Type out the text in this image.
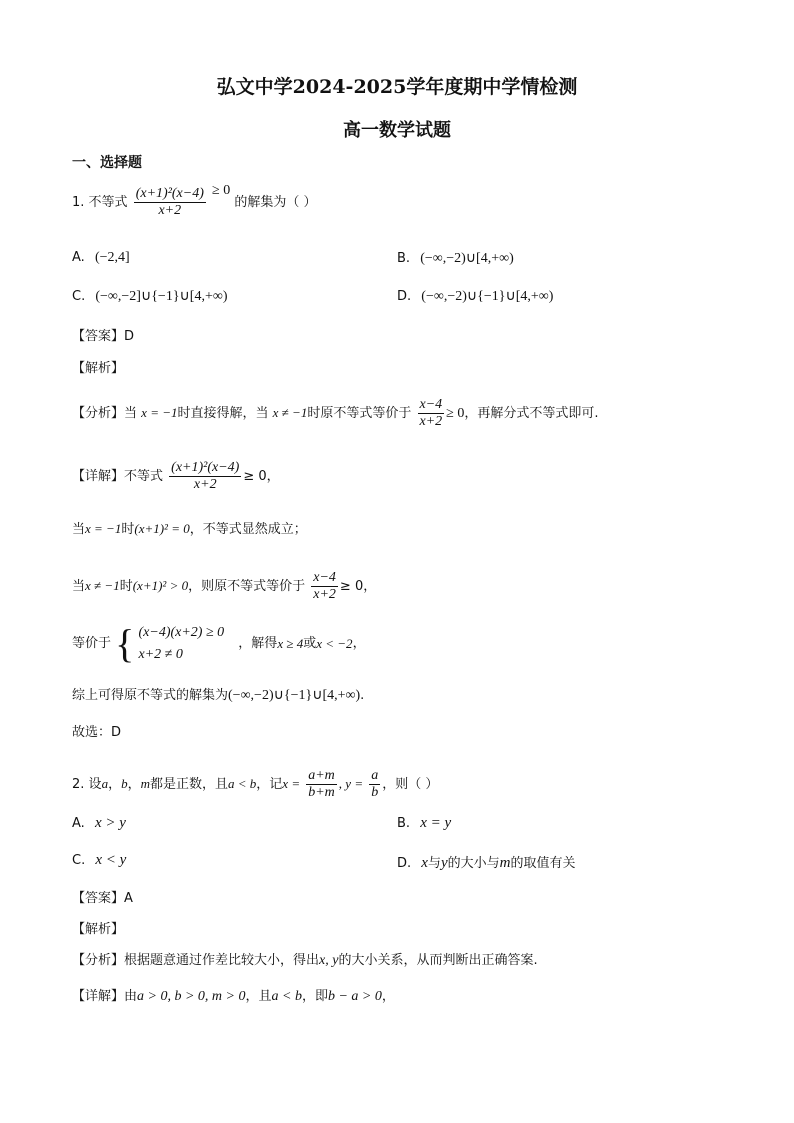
弘文中学2024-2025学年度期中学情检测
高一数学试题
一、选择题
1. 不等式 $\frac{\text{(x+1)²(x−4)}}{x+2} \ge 0$ 的解集为（ ）
A. (−2,4]	B. (−∞,−2)∪[4,+∞)
C. (−∞,−2]∪{−1}∪[4,+∞)	D. (−∞,−2)∪{−1}∪[4,+∞)
【答案】D
【解析】
【分析】当 x = −1时直接得解，当 x ≠ −1时原不等式等价于 $\frac{x-4}{x+2} \ge 0$，再解分式不等式即可.
【详解】不等式 $\frac{\text{(x+1)²(x−4)}}{x+2} \ge 0$，
当x = −1时(x+1)² = 0，不等式显然成立；
当x ≠ −1时(x+1)² > 0，则原不等式等价于 $\frac{x-4}{x+2} \ge 0$，
等价于 { (x−4)(x+2) ≥ 0
x+2 ≠ 0
，解得x ≥ 4或x < −2，
综上可得原不等式的解集为(−∞,−2)∪{−1}∪[4,+∞).
故选：D
2. 设a，b，m都是正数，且a < b，记$x = \frac{a+m}{b+m}$ , $y = \frac{a}{b}$ ，则（ ）
A. x > y	B. x = y
C. x < y	D. x与y的大小与m的取值有关
【答案】A
【解析】
【分析】根据题意通过作差比较大小，得出x, y的大小关系，从而判断出正确答案.
【详解】由a > 0, b > 0, m > 0，且a < b，即b − a > 0，
